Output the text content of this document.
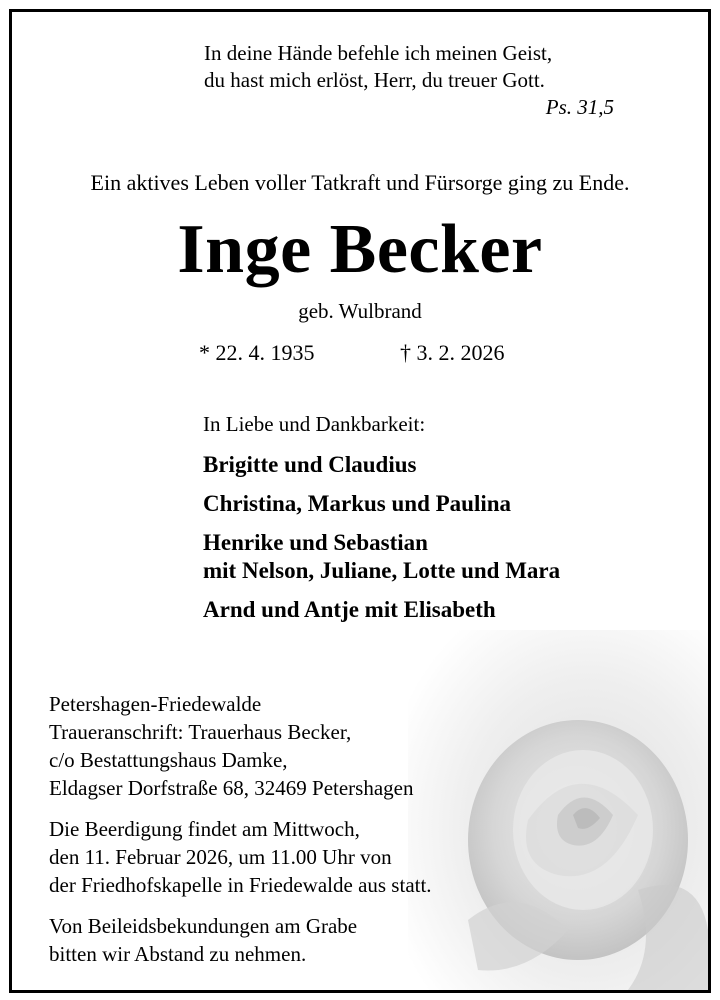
In deine Hände befehle ich meinen Geist,
du hast mich erlöst, Herr, du treuer Gott.
Ps. 31,5
Ein aktives Leben voller Tatkraft und Fürsorge ging zu Ende.
Inge Becker
geb. Wulbrand
* 22. 4. 1935	† 3. 2. 2026
In Liebe und Dankbarkeit:
Brigitte und Claudius
Christina, Markus und Paulina
Henrike und Sebastian
mit Nelson, Juliane, Lotte und Mara
Arnd und Antje mit Elisabeth
Petershagen-Friedewalde
Traueranschrift: Trauerhaus Becker,
c/o Bestattungshaus Damke,
Eldagser Dorfstraße 68, 32469 Petershagen
Die Beerdigung findet am Mittwoch,
den 11. Februar 2026, um 11.00 Uhr von
der Friedhofskapelle in Friedewalde aus statt.
Von Beileidsbekundungen am Grabe
bitten wir Abstand zu nehmen.
